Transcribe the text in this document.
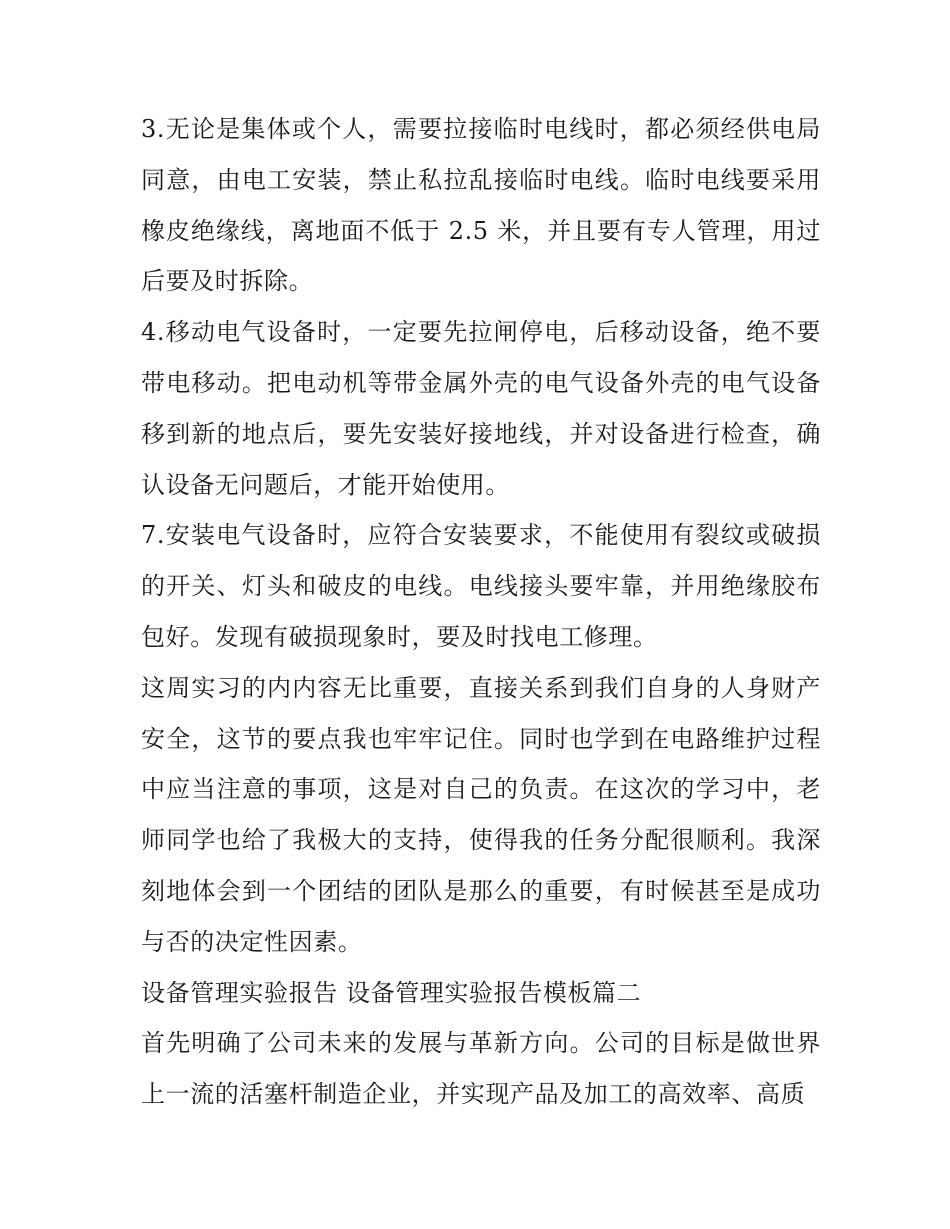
3.无论是集体或个人，需要拉接临时电线时，都必须经供电局同意，由电工安装，禁止私拉乱接临时电线。临时电线要采用橡皮绝缘线，离地面不低于 2.5 米，并且要有专人管理，用过后要及时拆除。

4.移动电气设备时，一定要先拉闸停电，后移动设备，绝不要带电移动。把电动机等带金属外壳的电气设备外壳的电气设备移到新的地点后，要先安装好接地线，并对设备进行检查，确认设备无问题后，才能开始使用。

7.安装电气设备时，应符合安装要求，不能使用有裂纹或破损的开关、灯头和破皮的电线。电线接头要牢靠，并用绝缘胶布包好。发现有破损现象时，要及时找电工修理。

这周实习的内内容无比重要，直接关系到我们自身的人身财产安全，这节的要点我也牢牢记住。同时也学到在电路维护过程中应当注意的事项，这是对自己的负责。在这次的学习中，老师同学也给了我极大的支持，使得我的任务分配很顺利。我深刻地体会到一个团结的团队是那么的重要，有时候甚至是成功与否的决定性因素。

设备管理实验报告 设备管理实验报告模板篇二

首先明确了公司未来的发展与革新方向。公司的目标是做世界上一流的活塞杆制造企业，并实现产品及加工的高效率、高质
